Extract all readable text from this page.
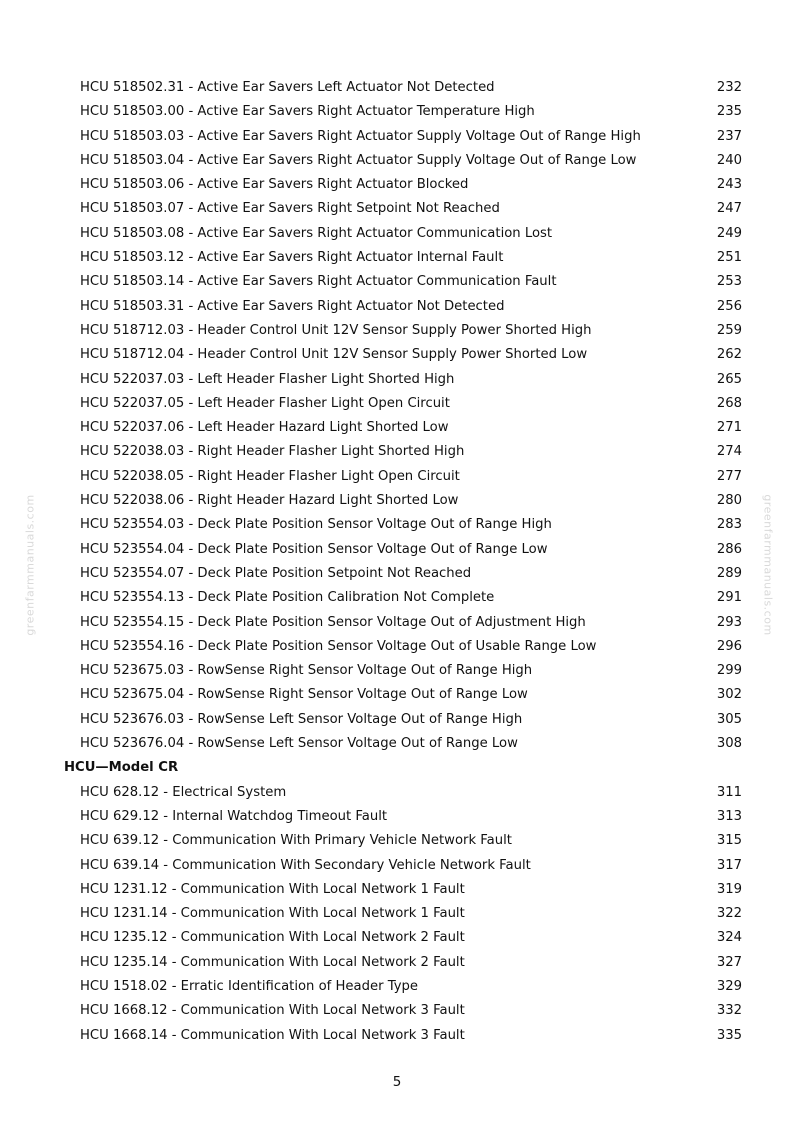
greenfarmmanuals.com	greenfarmmanuals.com
HCU 518502.31 - Active Ear Savers Left Actuator Not Detected	232
HCU 518503.00 - Active Ear Savers Right Actuator Temperature High	235
HCU 518503.03 - Active Ear Savers Right Actuator Supply Voltage Out of Range High	237
HCU 518503.04 - Active Ear Savers Right Actuator Supply Voltage Out of Range Low	240
HCU 518503.06 - Active Ear Savers Right Actuator Blocked	243
HCU 518503.07 - Active Ear Savers Right Setpoint Not Reached	247
HCU 518503.08 - Active Ear Savers Right Actuator Communication Lost	249
HCU 518503.12 - Active Ear Savers Right Actuator Internal Fault	251
HCU 518503.14 - Active Ear Savers Right Actuator Communication Fault	253
HCU 518503.31 - Active Ear Savers Right Actuator Not Detected	256
HCU 518712.03 - Header Control Unit 12V Sensor Supply Power Shorted High	259
HCU 518712.04 - Header Control Unit 12V Sensor Supply Power Shorted Low	262
HCU 522037.03 - Left Header Flasher Light Shorted High	265
HCU 522037.05 - Left Header Flasher Light Open Circuit	268
HCU 522037.06 - Left Header Hazard Light Shorted Low	271
HCU 522038.03 - Right Header Flasher Light Shorted High	274
HCU 522038.05 - Right Header Flasher Light Open Circuit	277
HCU 522038.06 - Right Header Hazard Light Shorted Low	280
HCU 523554.03 - Deck Plate Position Sensor Voltage Out of Range High	283
HCU 523554.04 - Deck Plate Position Sensor Voltage Out of Range Low	286
HCU 523554.07 - Deck Plate Position Setpoint Not Reached	289
HCU 523554.13 - Deck Plate Position Calibration Not Complete	291
HCU 523554.15 - Deck Plate Position Sensor Voltage Out of Adjustment High	293
HCU 523554.16 - Deck Plate Position Sensor Voltage Out of Usable Range Low	296
HCU 523675.03 - RowSense Right Sensor Voltage Out of Range High	299
HCU 523675.04 - RowSense Right Sensor Voltage Out of Range Low	302
HCU 523676.03 - RowSense Left Sensor Voltage Out of Range High	305
HCU 523676.04 - RowSense Left Sensor Voltage Out of Range Low	308
HCU—Model CR
HCU 628.12 - Electrical System	311
HCU 629.12 - Internal Watchdog Timeout Fault	313
HCU 639.12 - Communication With Primary Vehicle Network Fault	315
HCU 639.14 - Communication With Secondary Vehicle Network Fault	317
HCU 1231.12 - Communication With Local Network 1 Fault	319
HCU 1231.14 - Communication With Local Network 1 Fault	322
HCU 1235.12 - Communication With Local Network 2 Fault	324
HCU 1235.14 - Communication With Local Network 2 Fault	327
HCU 1518.02 - Erratic Identification of Header Type	329
HCU 1668.12 - Communication With Local Network 3 Fault	332
HCU 1668.14 - Communication With Local Network 3 Fault	335
5
